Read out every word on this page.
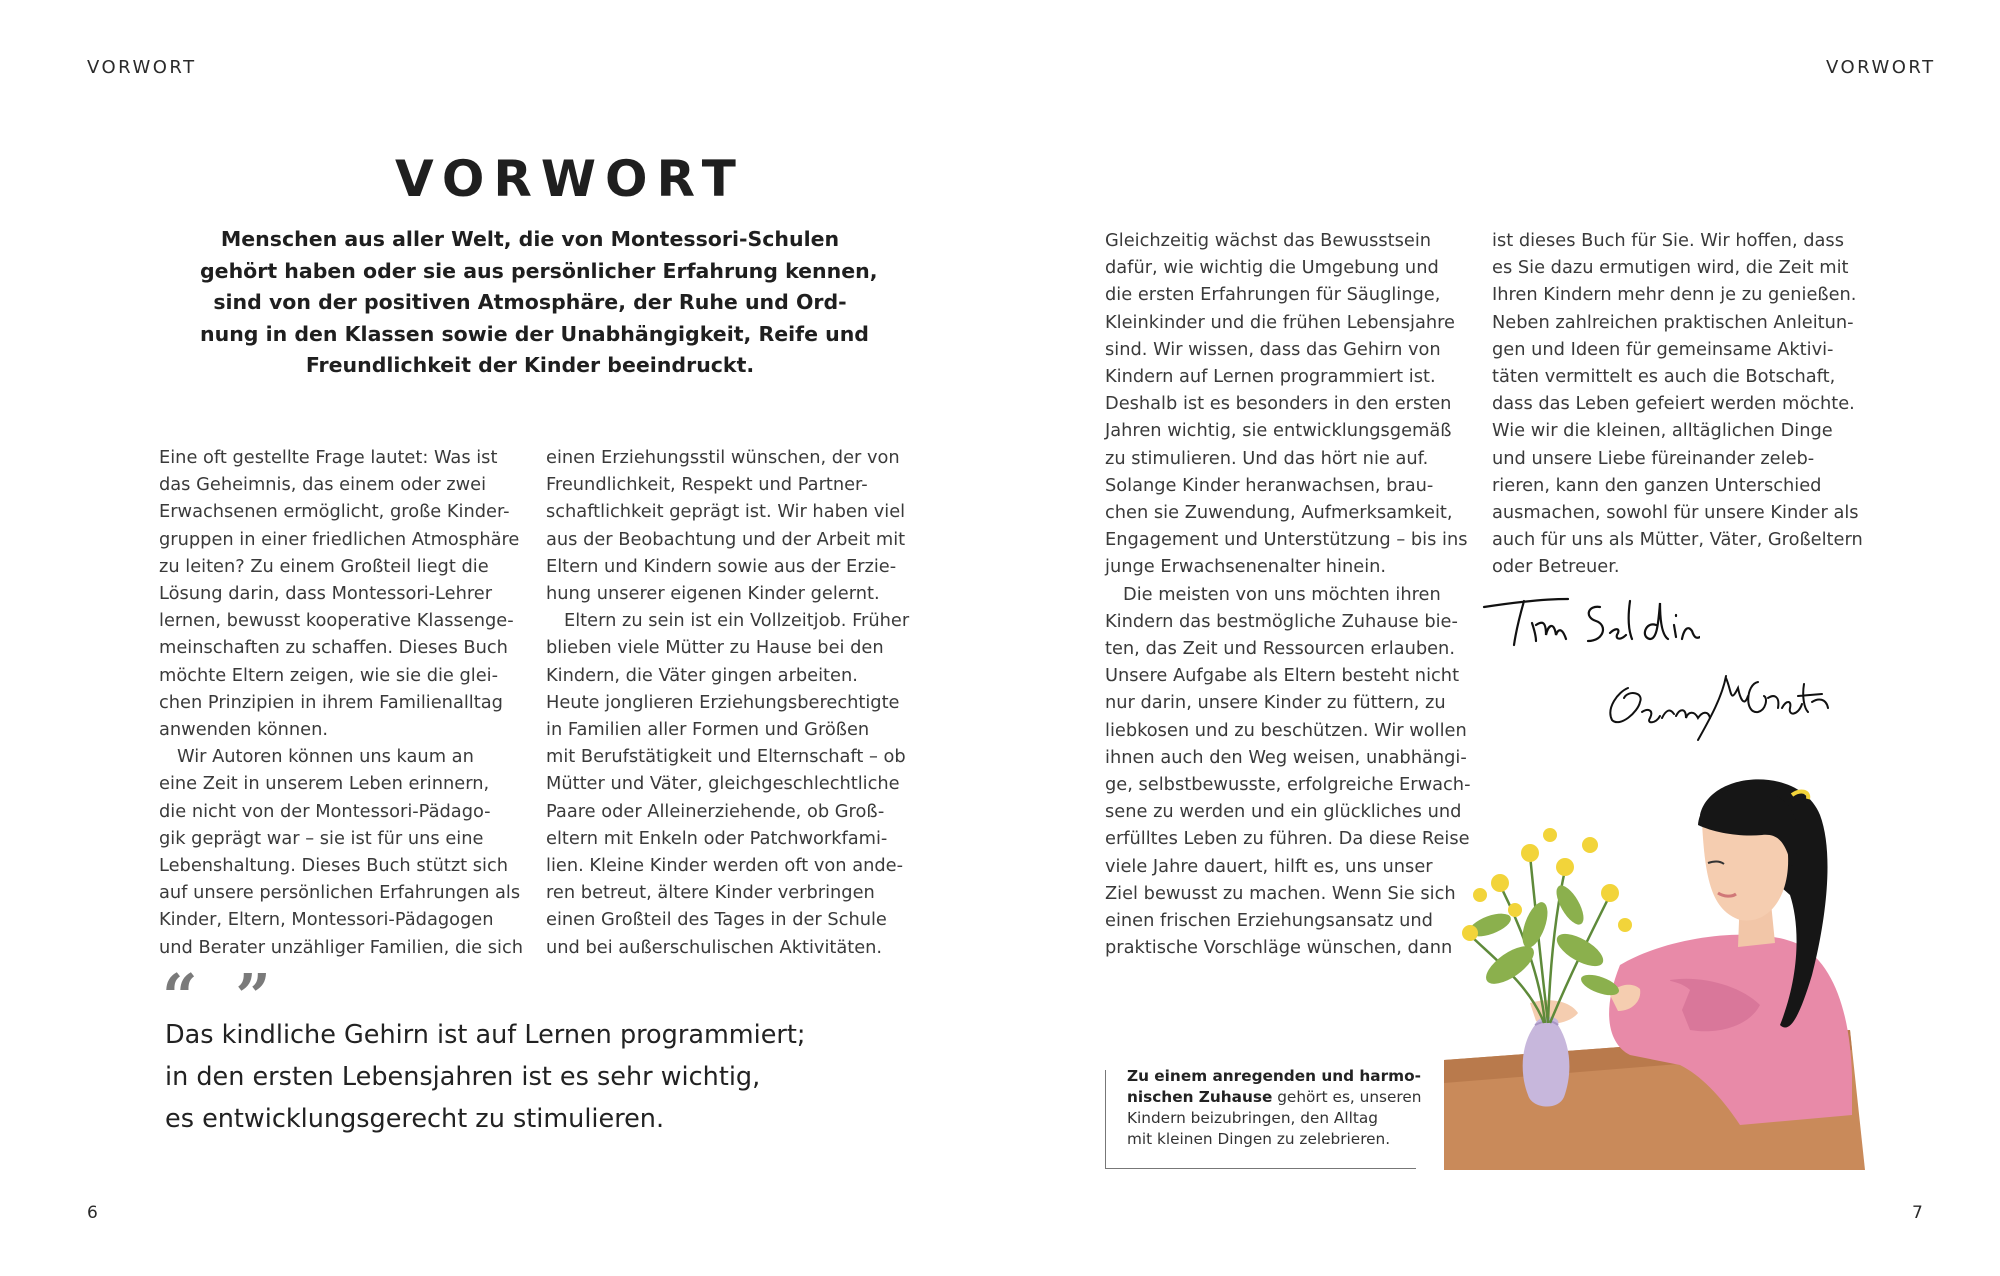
VORWORT	VORWORT
VORWORT
Menschen aus aller Welt, die von Montessori-Schulen
gehört haben oder sie aus persönlicher Erfahrung kennen,
sind von der positiven Atmosphäre, der Ruhe und Ord-
nung in den Klassen sowie der Unabhängigkeit, Reife und
Freundlichkeit der Kinder beeindruckt.
Eine oft gestellte Frage lautet: Was ist
das Geheimnis, das einem oder zwei
Erwachsenen ermöglicht, große Kinder-
gruppen in einer friedlichen Atmosphäre
zu leiten? Zu einem Großteil liegt die
Lösung darin, dass Montessori-Lehrer
lernen, bewusst kooperative Klassenge-
meinschaften zu schaffen. Dieses Buch
möchte Eltern zeigen, wie sie die glei-
chen Prinzipien in ihrem Familienalltag
anwenden können.
Wir Autoren können uns kaum an
eine Zeit in unserem Leben erinnern,
die nicht von der Montessori-Pädago-
gik geprägt war – sie ist für uns eine
Lebenshaltung. Dieses Buch stützt sich
auf unsere persönlichen Erfahrungen als
Kinder, Eltern, Montessori-Pädagogen
und Berater unzähliger Familien, die sich
einen Erziehungsstil wünschen, der von
Freundlichkeit, Respekt und Partner-
schaftlichkeit geprägt ist. Wir haben viel
aus der Beobachtung und der Arbeit mit
Eltern und Kindern sowie aus der Erzie-
hung unserer eigenen Kinder gelernt.
Eltern zu sein ist ein Vollzeitjob. Früher
blieben viele Mütter zu Hause bei den
Kindern, die Väter gingen arbeiten.
Heute jonglieren Erziehungsberechtigte
in Familien aller Formen und Größen
mit Berufstätigkeit und Elternschaft – ob
Mütter und Väter, gleichgeschlechtliche
Paare oder Alleinerziehende, ob Groß-
eltern mit Enkeln oder Patchworkfami-
lien. Kleine Kinder werden oft von ande-
ren betreut, ältere Kinder verbringen
einen Großteil des Tages in der Schule
und bei außerschulischen Aktivitäten.
“ ”
Das kindliche Gehirn ist auf Lernen programmiert;
in den ersten Lebensjahren ist es sehr wichtig,
es entwicklungsgerecht zu stimulieren.
6
Gleichzeitig wächst das Bewusstsein
dafür, wie wichtig die Umgebung und
die ersten Erfahrungen für Säuglinge,
Kleinkinder und die frühen Lebensjahre
sind. Wir wissen, dass das Gehirn von
Kindern auf Lernen programmiert ist.
Deshalb ist es besonders in den ersten
Jahren wichtig, sie entwicklungsgemäß
zu stimulieren. Und das hört nie auf.
Solange Kinder heranwachsen, brau-
chen sie Zuwendung, Aufmerksamkeit,
Engagement und Unterstützung – bis ins
junge Erwachsenenalter hinein.
Die meisten von uns möchten ihren
Kindern das bestmögliche Zuhause bie-
ten, das Zeit und Ressourcen erlauben.
Unsere Aufgabe als Eltern besteht nicht
nur darin, unsere Kinder zu füttern, zu
liebkosen und zu beschützen. Wir wollen
ihnen auch den Weg weisen, unabhängi-
ge, selbstbewusste, erfolgreiche Erwach-
sene zu werden und ein glückliches und
erfülltes Leben zu führen. Da diese Reise
viele Jahre dauert, hilft es, uns unser
Ziel bewusst zu machen. Wenn Sie sich
einen frischen Erziehungsansatz und
praktische Vorschläge wünschen, dann
ist dieses Buch für Sie. Wir hoffen, dass
es Sie dazu ermutigen wird, die Zeit mit
Ihren Kindern mehr denn je zu genießen.
Neben zahlreichen praktischen Anleitun-
gen und Ideen für gemeinsame Aktivi-
täten vermittelt es auch die Botschaft,
dass das Leben gefeiert werden möchte.
Wie wir die kleinen, alltäglichen Dinge
und unsere Liebe füreinander zeleb-
rieren, kann den ganzen Unterschied
ausmachen, sowohl für unsere Kinder als
auch für uns als Mütter, Väter, Großeltern
oder Betreuer.
Zu einem anregenden und harmo-
nischen Zuhause gehört es, unseren
Kindern beizubringen, den Alltag
mit kleinen Dingen zu zelebrieren.
7
